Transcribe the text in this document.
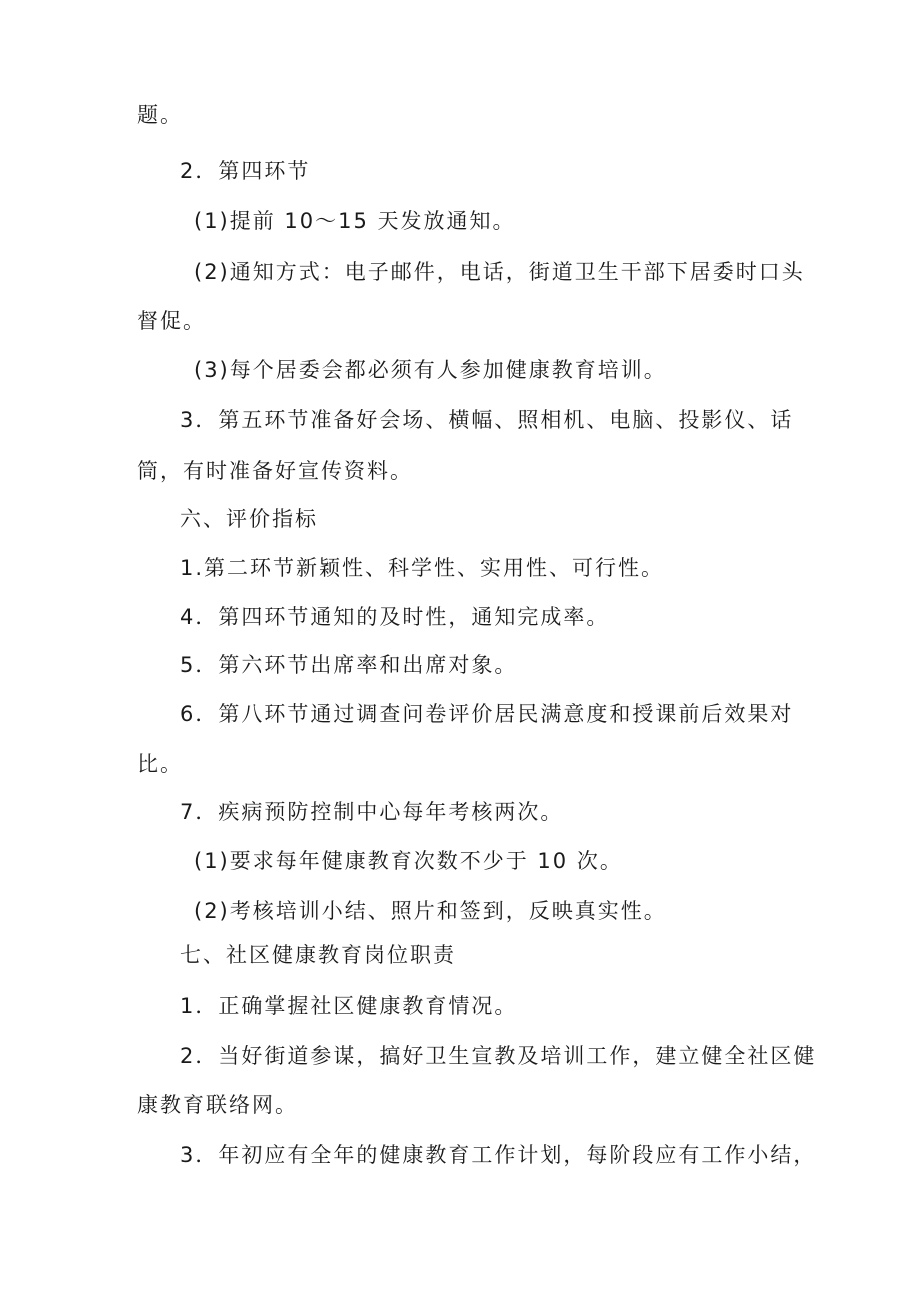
题。
2．第四环节
(1)提前 10～15 天发放通知。
(2)通知方式：电子邮件，电话，街道卫生干部下居委时口头
督促。
(3)每个居委会都必须有人参加健康教育培训。
3．第五环节准备好会场、横幅、照相机、电脑、投影仪、话
筒，有时准备好宣传资料。
六、评价指标
1.第二环节新颖性、科学性、实用性、可行性。
4．第四环节通知的及时性，通知完成率。
5．第六环节出席率和出席对象。
6．第八环节通过调查问卷评价居民满意度和授课前后效果对
比。
7．疾病预防控制中心每年考核两次。
(1)要求每年健康教育次数不少于 10 次。
(2)考核培训小结、照片和签到，反映真实性。
七、社区健康教育岗位职责
1．正确掌握社区健康教育情况。
2．当好街道参谋，搞好卫生宣教及培训工作，建立健全社区健
康教育联络网。
3．年初应有全年的健康教育工作计划，每阶段应有工作小结，
